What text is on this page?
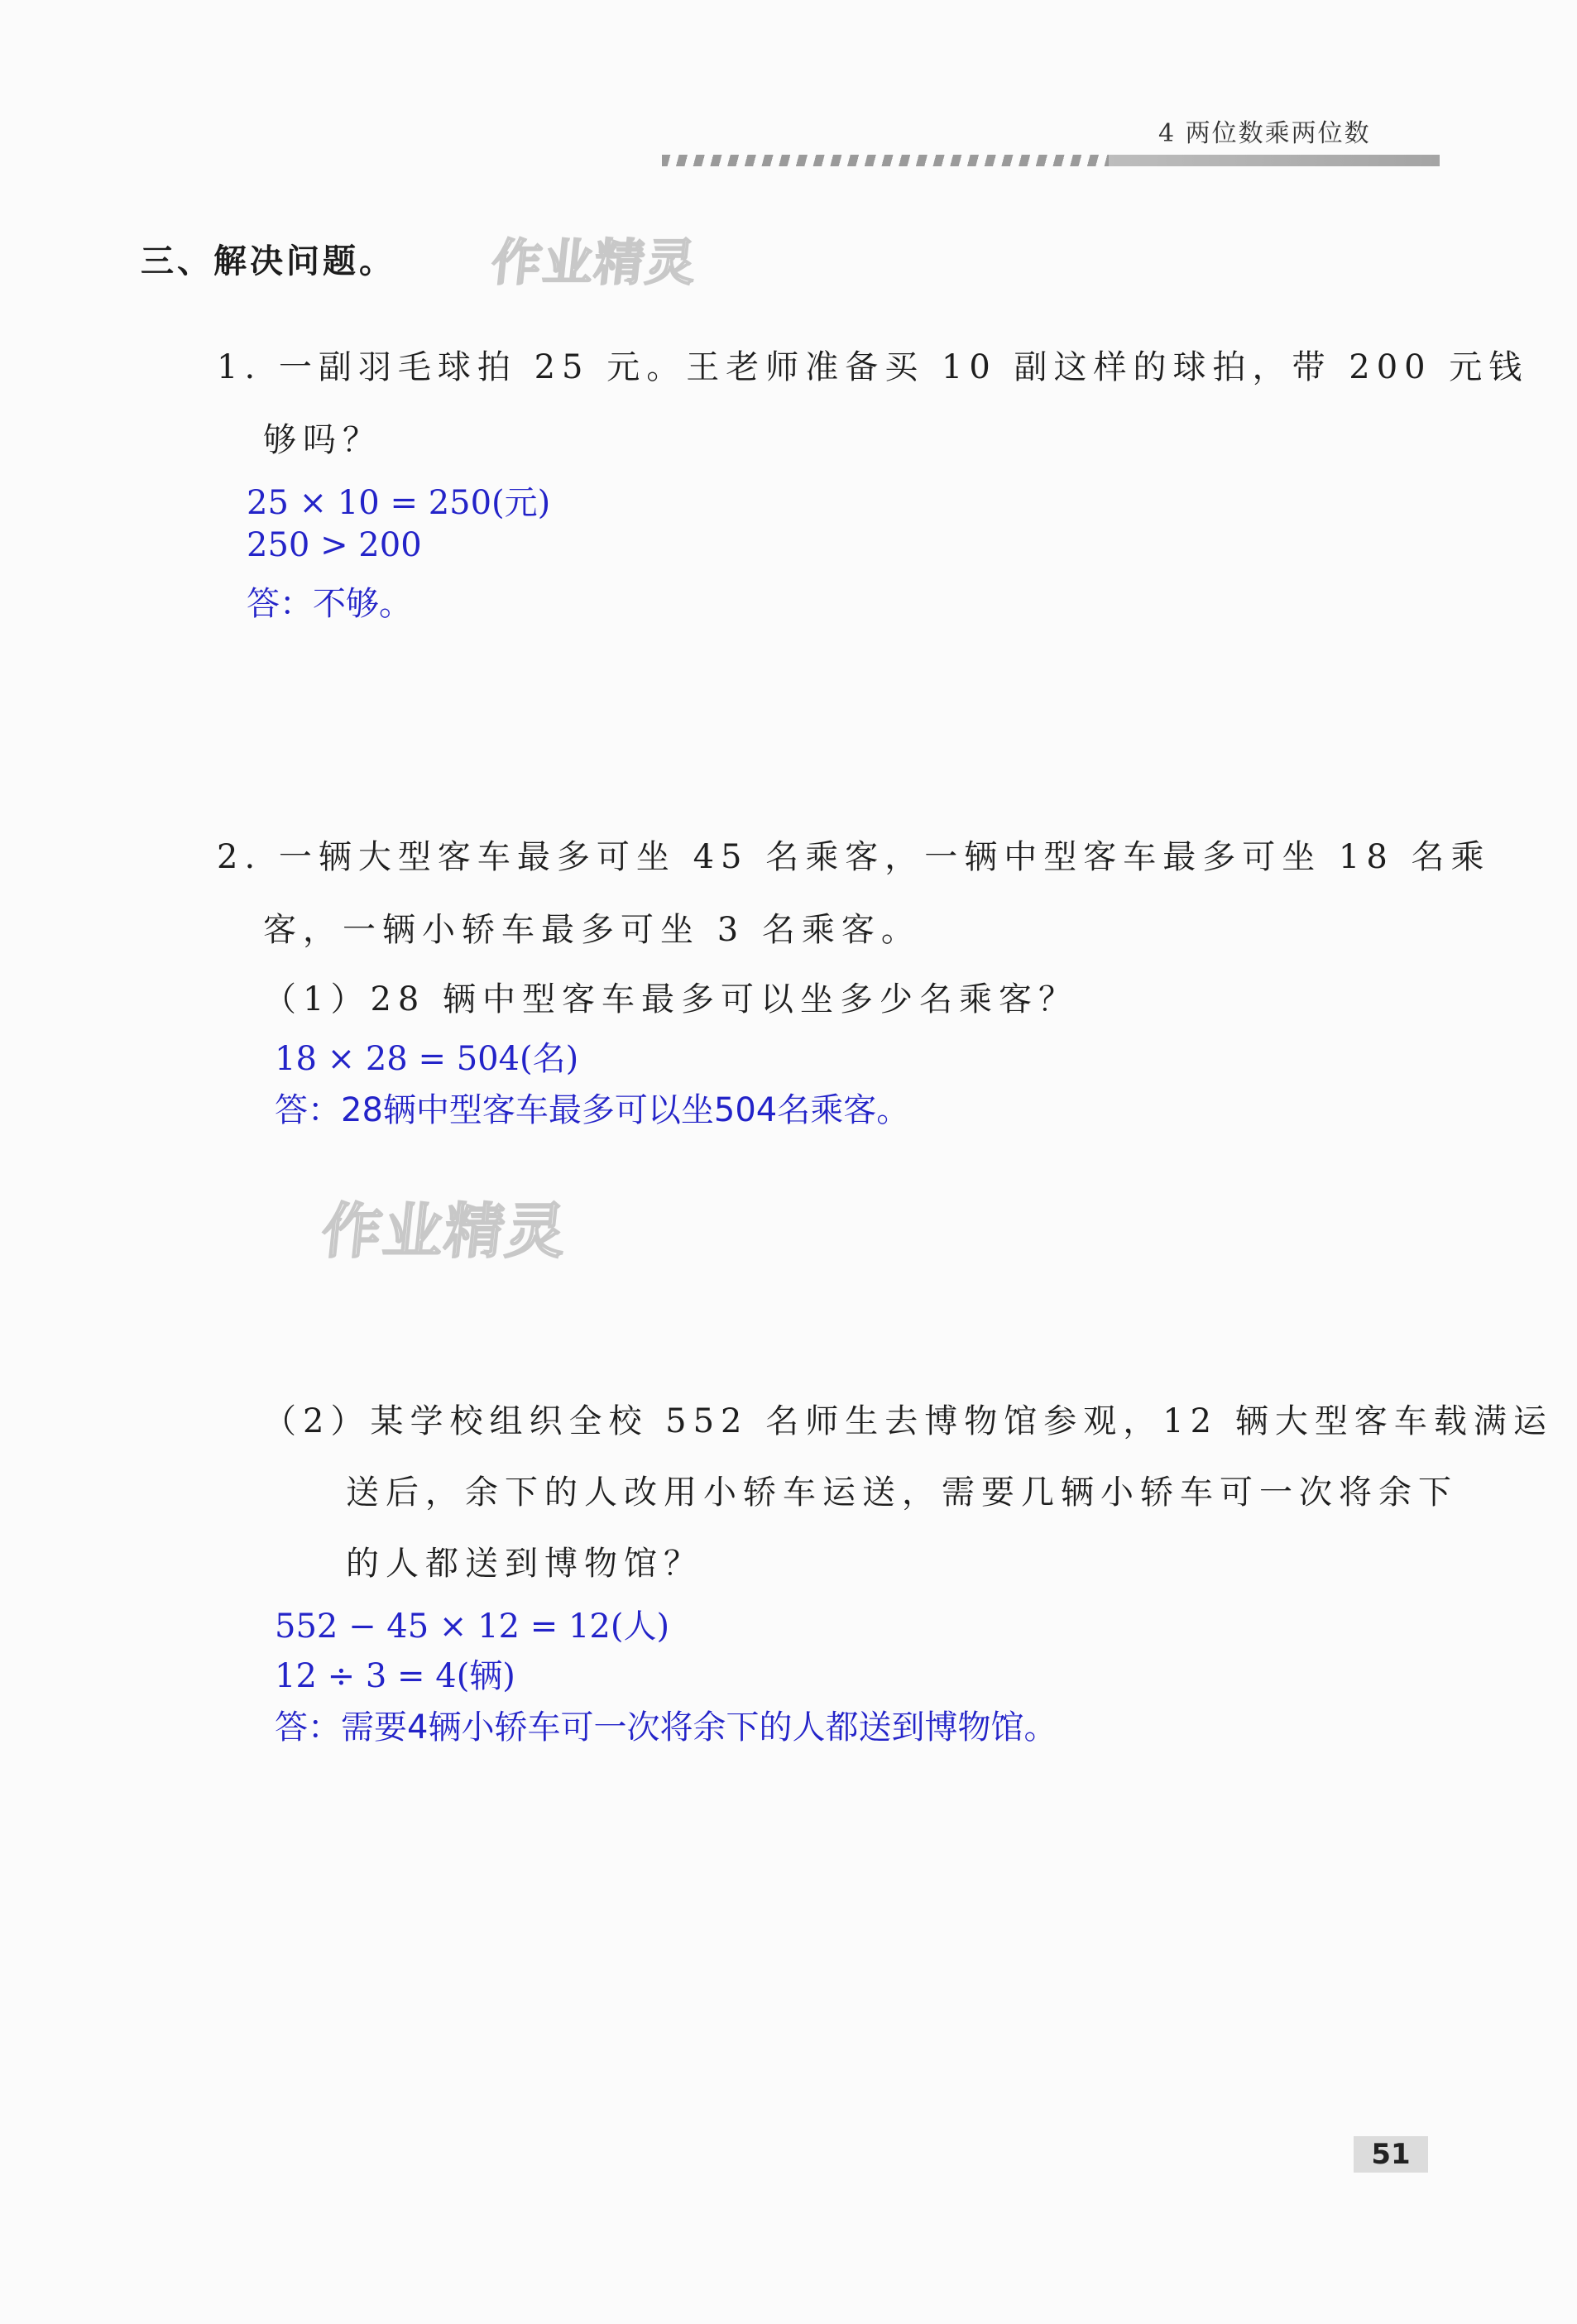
4 两位数乘两位数
三、解决问题。 作业精灵
作业精灵
1. 一副羽毛球拍 25 元。王老师准备买 10 副这样的球拍，带 200 元钱
够吗？
25 × 10 = 250(元)
250 > 200
答：不够。
2. 一辆大型客车最多可坐 45 名乘客，一辆中型客车最多可坐 18 名乘
客，一辆小轿车最多可坐 3 名乘客。
（1）28 辆中型客车最多可以坐多少名乘客？
18 × 28 = 504(名)
答：28辆中型客车最多可以坐504名乘客。
（2）某学校组织全校 552 名师生去博物馆参观，12 辆大型客车载满运
送后，余下的人改用小轿车运送，需要几辆小轿车可一次将余下
的人都送到博物馆？
552 − 45 × 12 = 12(人)
12 ÷ 3 = 4(辆)
答：需要4辆小轿车可一次将余下的人都送到博物馆。
51
